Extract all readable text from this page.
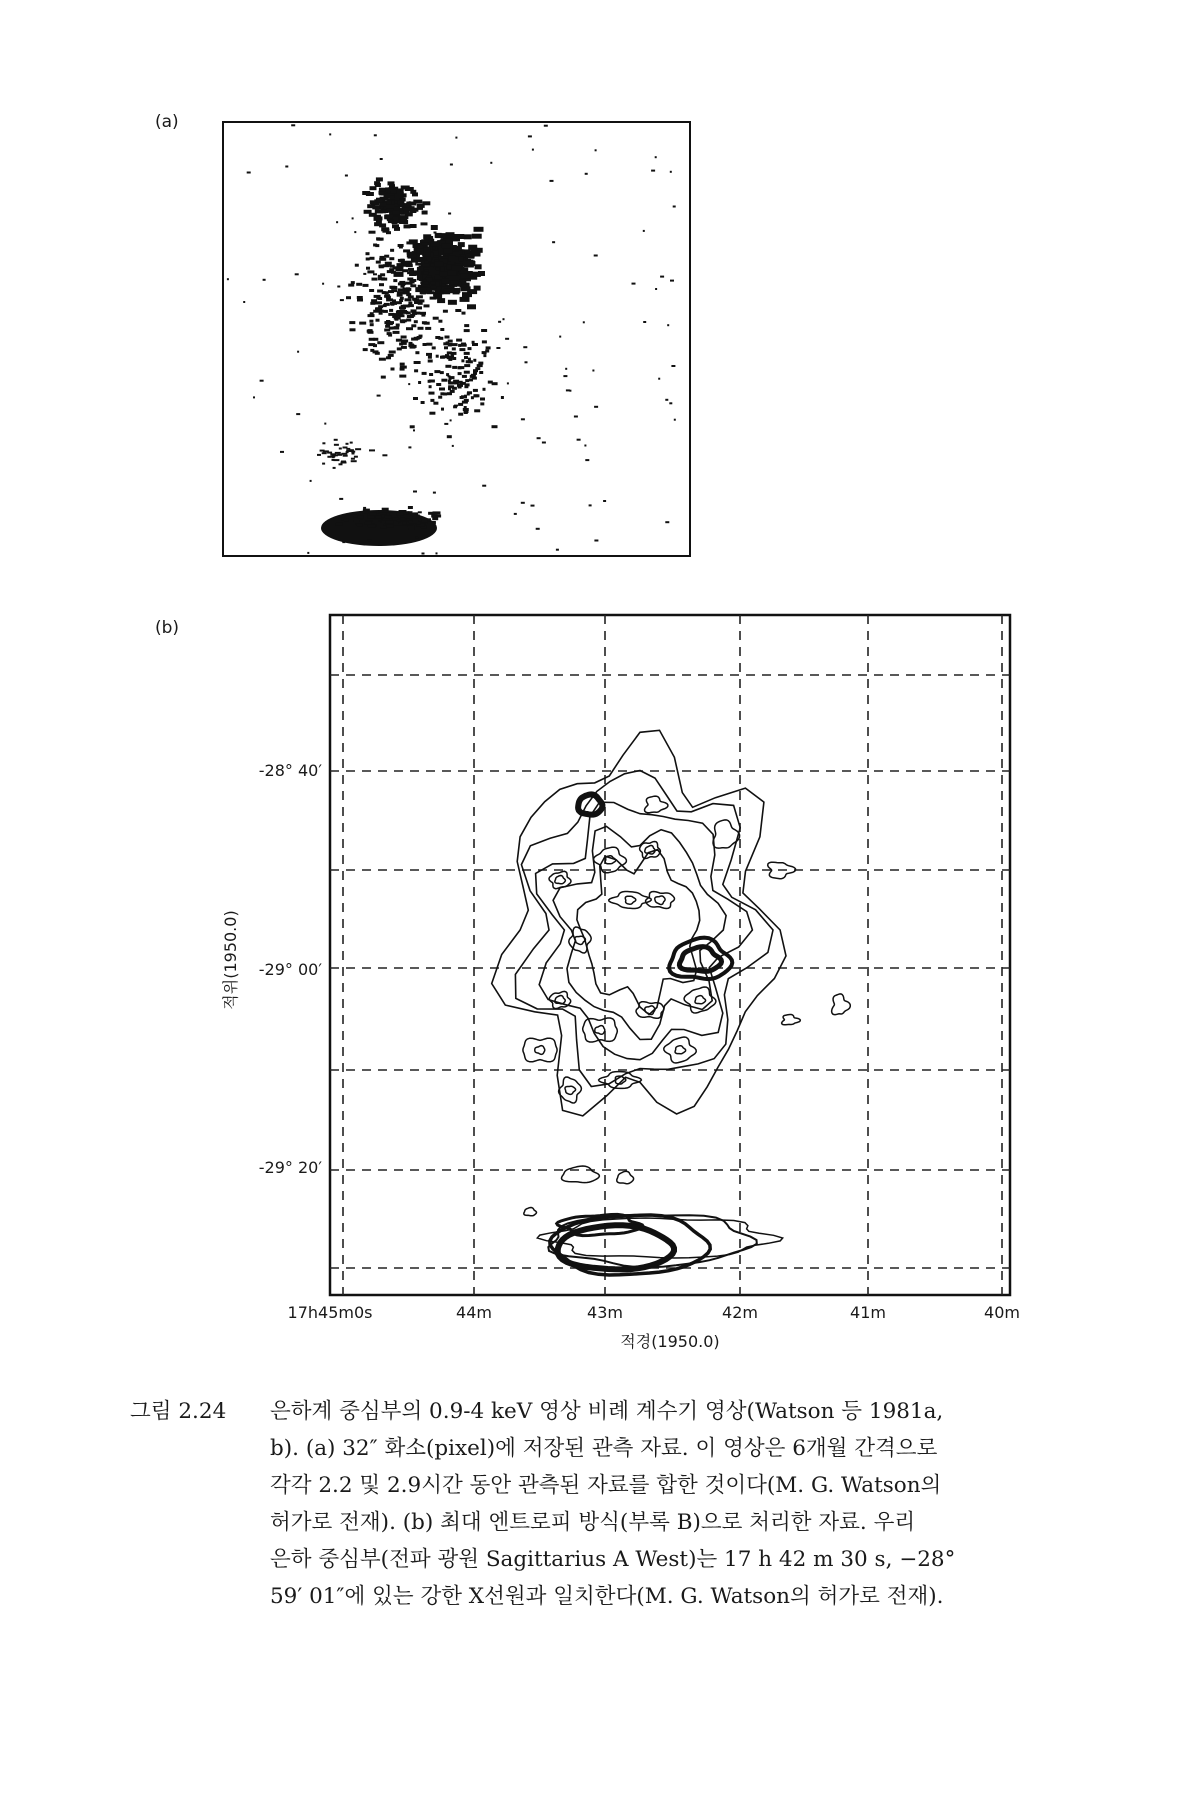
(a)
(b)
-28° 40′
-29° 00′
-29° 20′
17h45m0s	44m	43m	42m	41m	40m
적경(1950.0)
적위(1950.0)
그림 2.24 은하계 중심부의 0.9-4 keV 영상 비례 계수기 영상(Watson 등 1981a,
b). (a) 32″ 화소(pixel)에 저장된 관측 자료. 이 영상은 6개월 간격으로
각각 2.2 및 2.9시간 동안 관측된 자료를 합한 것이다(M. G. Watson의
허가로 전재). (b) 최대 엔트로피 방식(부록 B)으로 처리한 자료. 우리
은하 중심부(전파 광원 Sagittarius A West)는 17 h 42 m 30 s, −28°
59′ 01″에 있는 강한 X선원과 일치한다(M. G. Watson의 허가로 전재).
